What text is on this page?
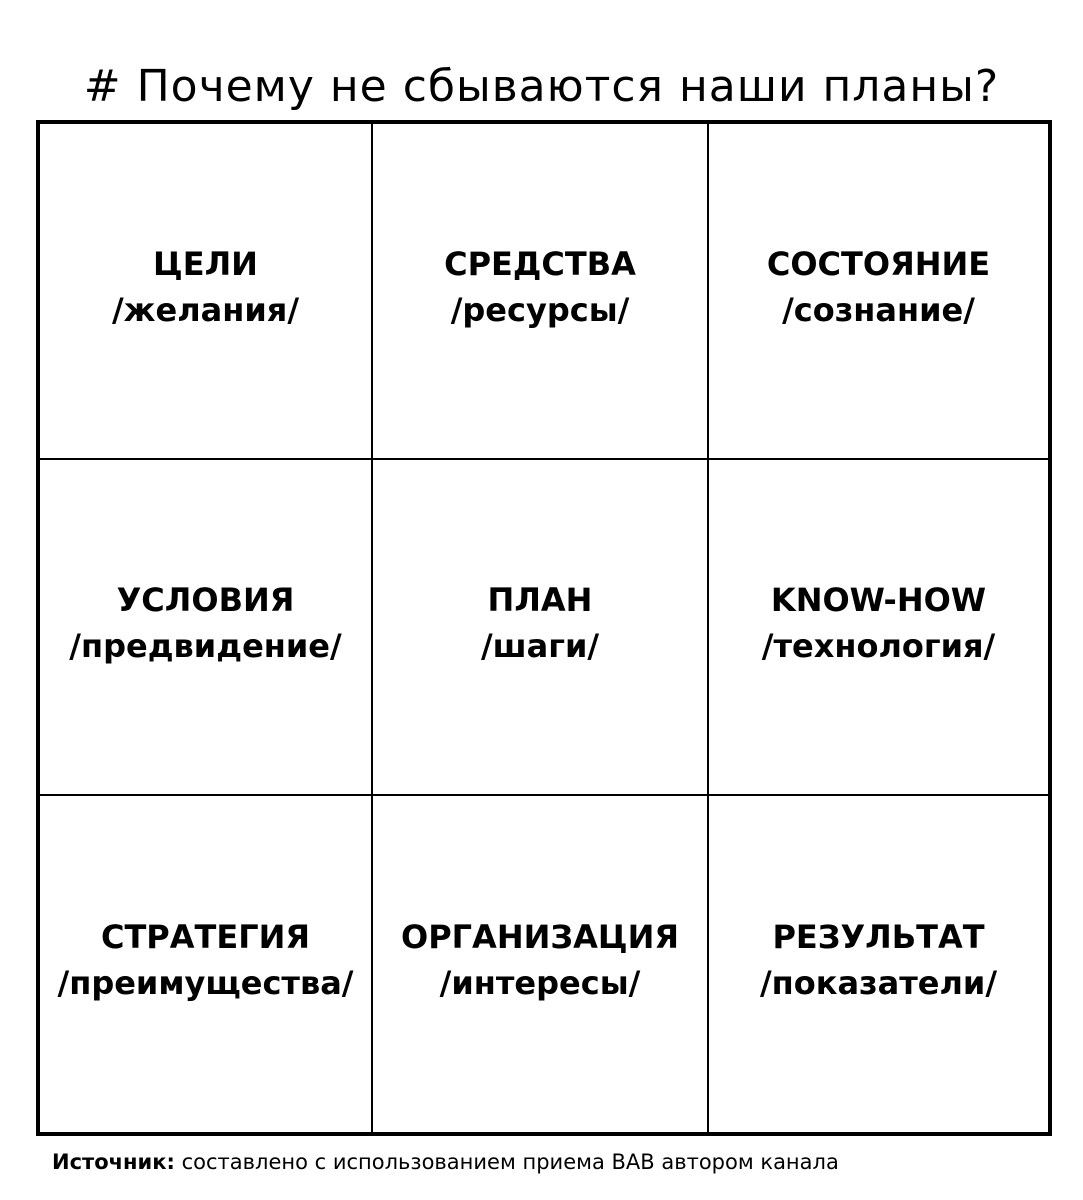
# Почему не сбываются наши планы?
ЦЕЛИ
/желания/
СРЕДСТВА
/ресурсы/
СОСТОЯНИЕ
/сознание/
УСЛОВИЯ
/предвидение/
ПЛАН
/шаги/
KNOW-HOW
/технология/
СТРАТЕГИЯ
/преимущества/
ОРГАНИЗАЦИЯ
/интересы/
РЕЗУЛЬТАТ
/показатели/
Источник: составлено с использованием приема BAB автором канала
